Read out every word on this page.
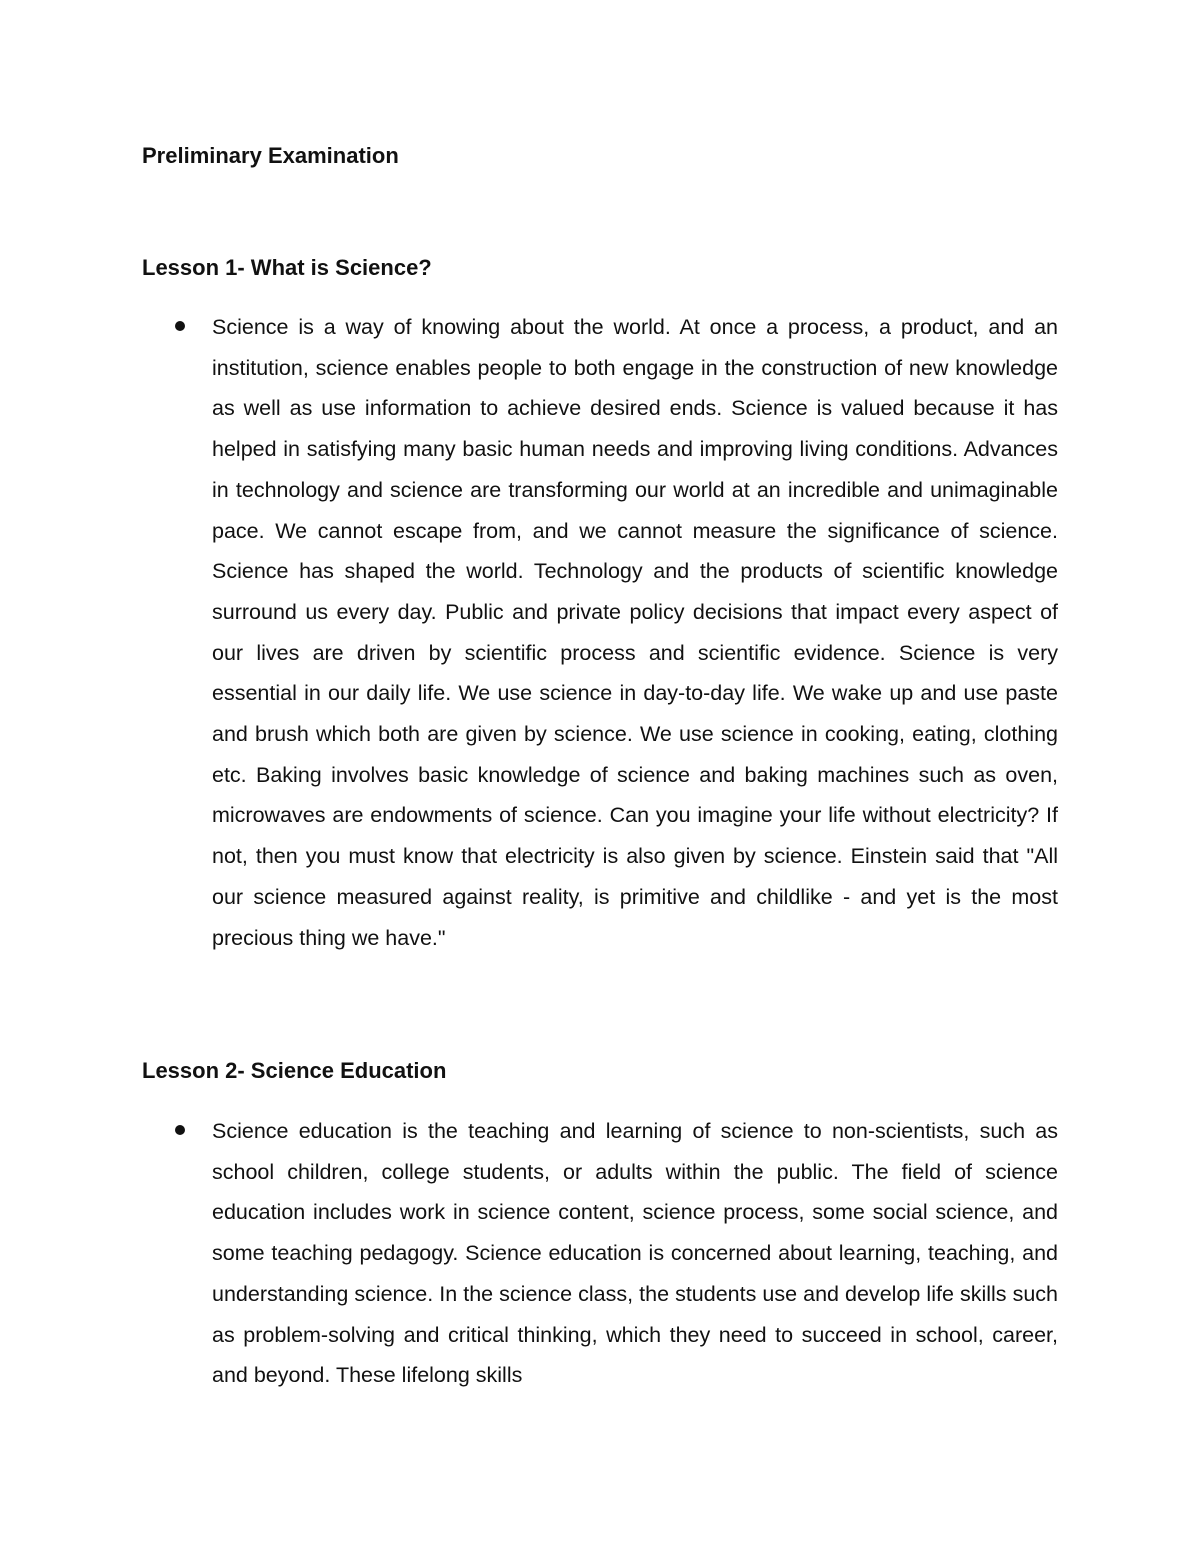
Preliminary Examination
Lesson 1- What is Science?
Science is a way of knowing about the world. At once a process, a product, and an institution, science enables people to both engage in the construction of new knowledge as well as use information to achieve desired ends. Science is valued because it has helped in satisfying many basic human needs and improving living conditions. Advances in technology and science are transforming our world at an incredible and unimaginable pace. We cannot escape from, and we cannot measure the significance of science. Science has shaped the world. Technology and the products of scientific knowledge surround us every day. Public and private policy decisions that impact every aspect of our lives are driven by scientific process and scientific evidence. Science is very essential in our daily life. We use science in day-to-day life. We wake up and use paste and brush which both are given by science. We use science in cooking, eating, clothing etc. Baking involves basic knowledge of science and baking machines such as oven, microwaves are endowments of science. Can you imagine your life without electricity? If not, then you must know that electricity is also given by science. Einstein said that "All our science measured against reality, is primitive and childlike - and yet is the most precious thing we have."
Lesson 2- Science Education
Science education is the teaching and learning of science to non-scientists, such as school children, college students, or adults within the public. The field of science education includes work in science content, science process, some social science, and some teaching pedagogy. Science education is concerned about learning, teaching, and understanding science. In the science class, the students use and develop life skills such as problem-solving and critical thinking, which they need to succeed in school, career, and beyond. These lifelong skills
